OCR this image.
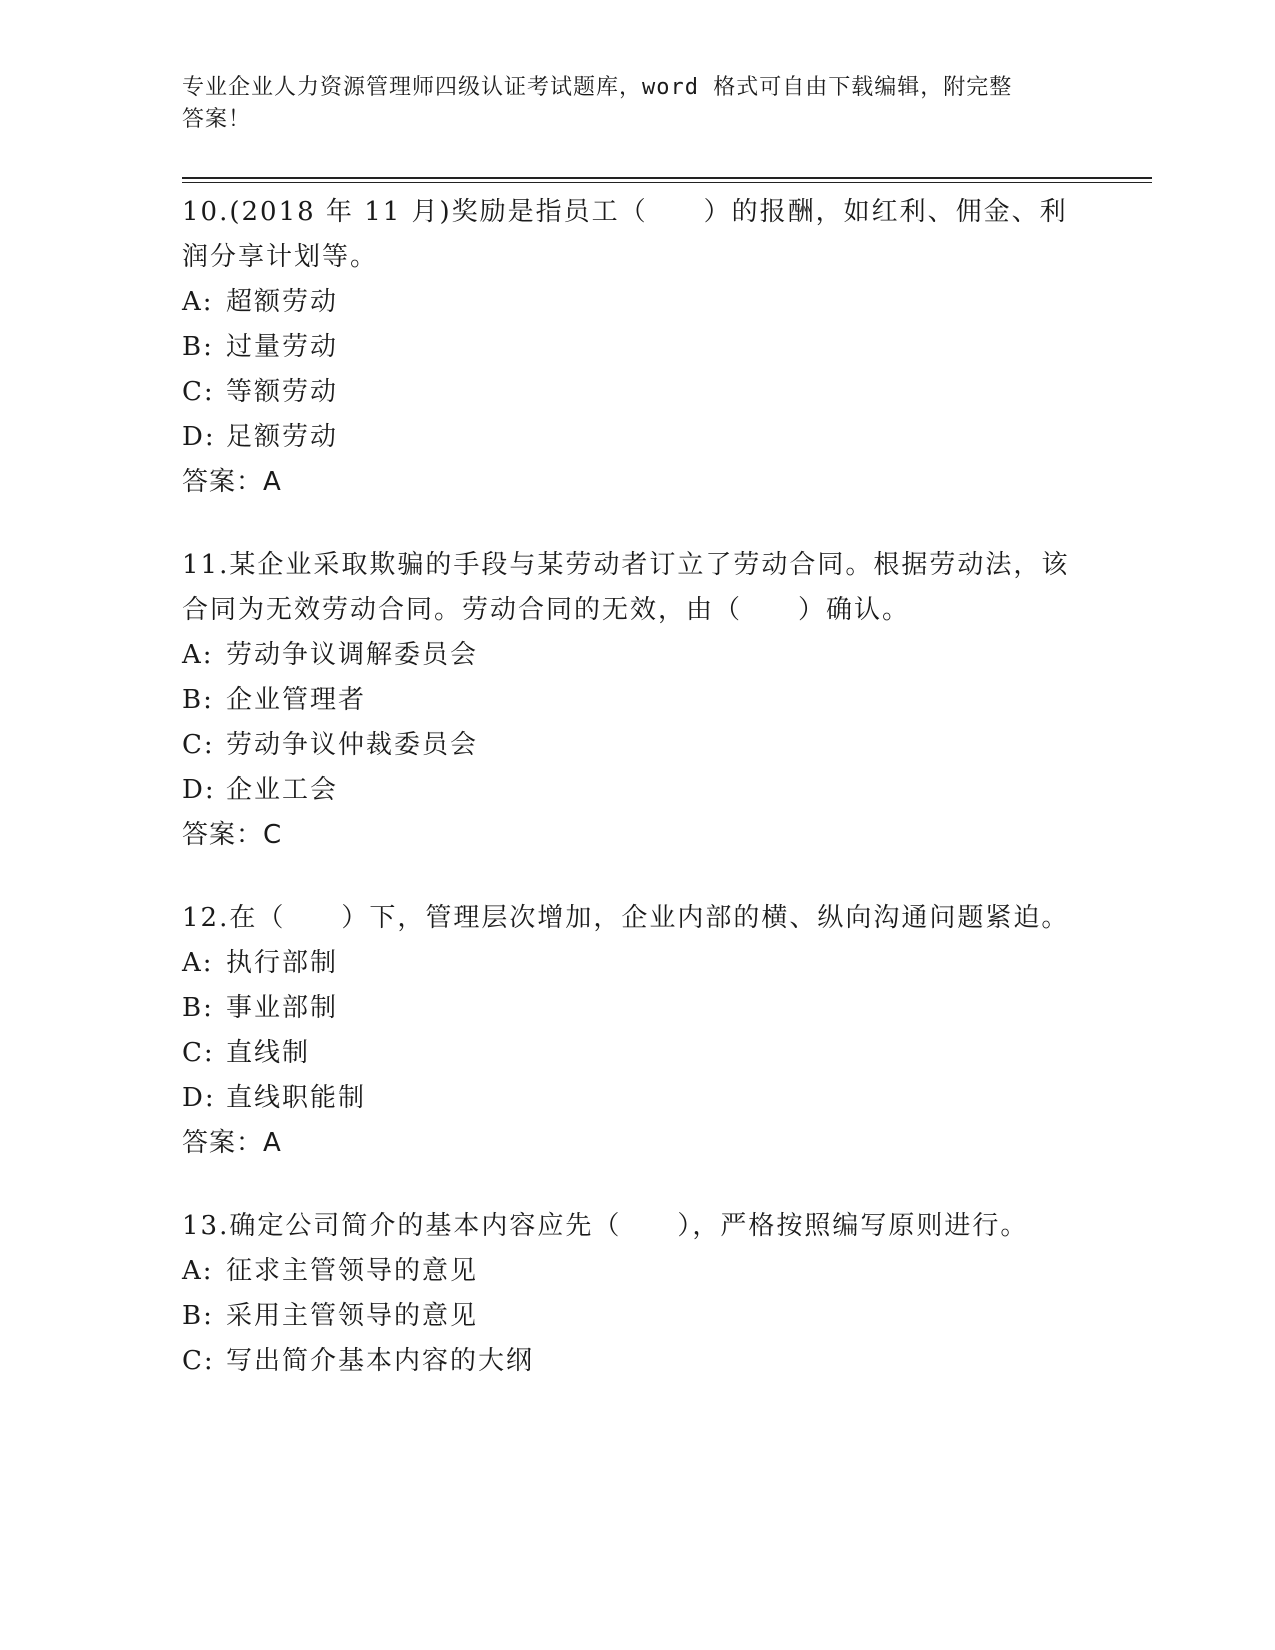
专业企业人力资源管理师四级认证考试题库，word 格式可自由下载编辑，附完整
答案！
10.(2018 年 11 月)奖励是指员工（　　）的报酬，如红利、佣金、利润分享计划等。
A: 超额劳动
B: 过量劳动
C: 等额劳动
D: 足额劳动
答案：A
11.某企业采取欺骗的手段与某劳动者订立了劳动合同。根据劳动法，该合同为无效劳动合同。劳动合同的无效，由（　　）确认。
A: 劳动争议调解委员会
B: 企业管理者
C: 劳动争议仲裁委员会
D: 企业工会
答案：C
12.在（　　）下，管理层次增加，企业内部的横、纵向沟通问题紧迫。
A: 执行部制
B: 事业部制
C: 直线制
D: 直线职能制
答案：A
13.确定公司简介的基本内容应先（　　），严格按照编写原则进行。
A: 征求主管领导的意见
B: 采用主管领导的意见
C: 写出简介基本内容的大纲
